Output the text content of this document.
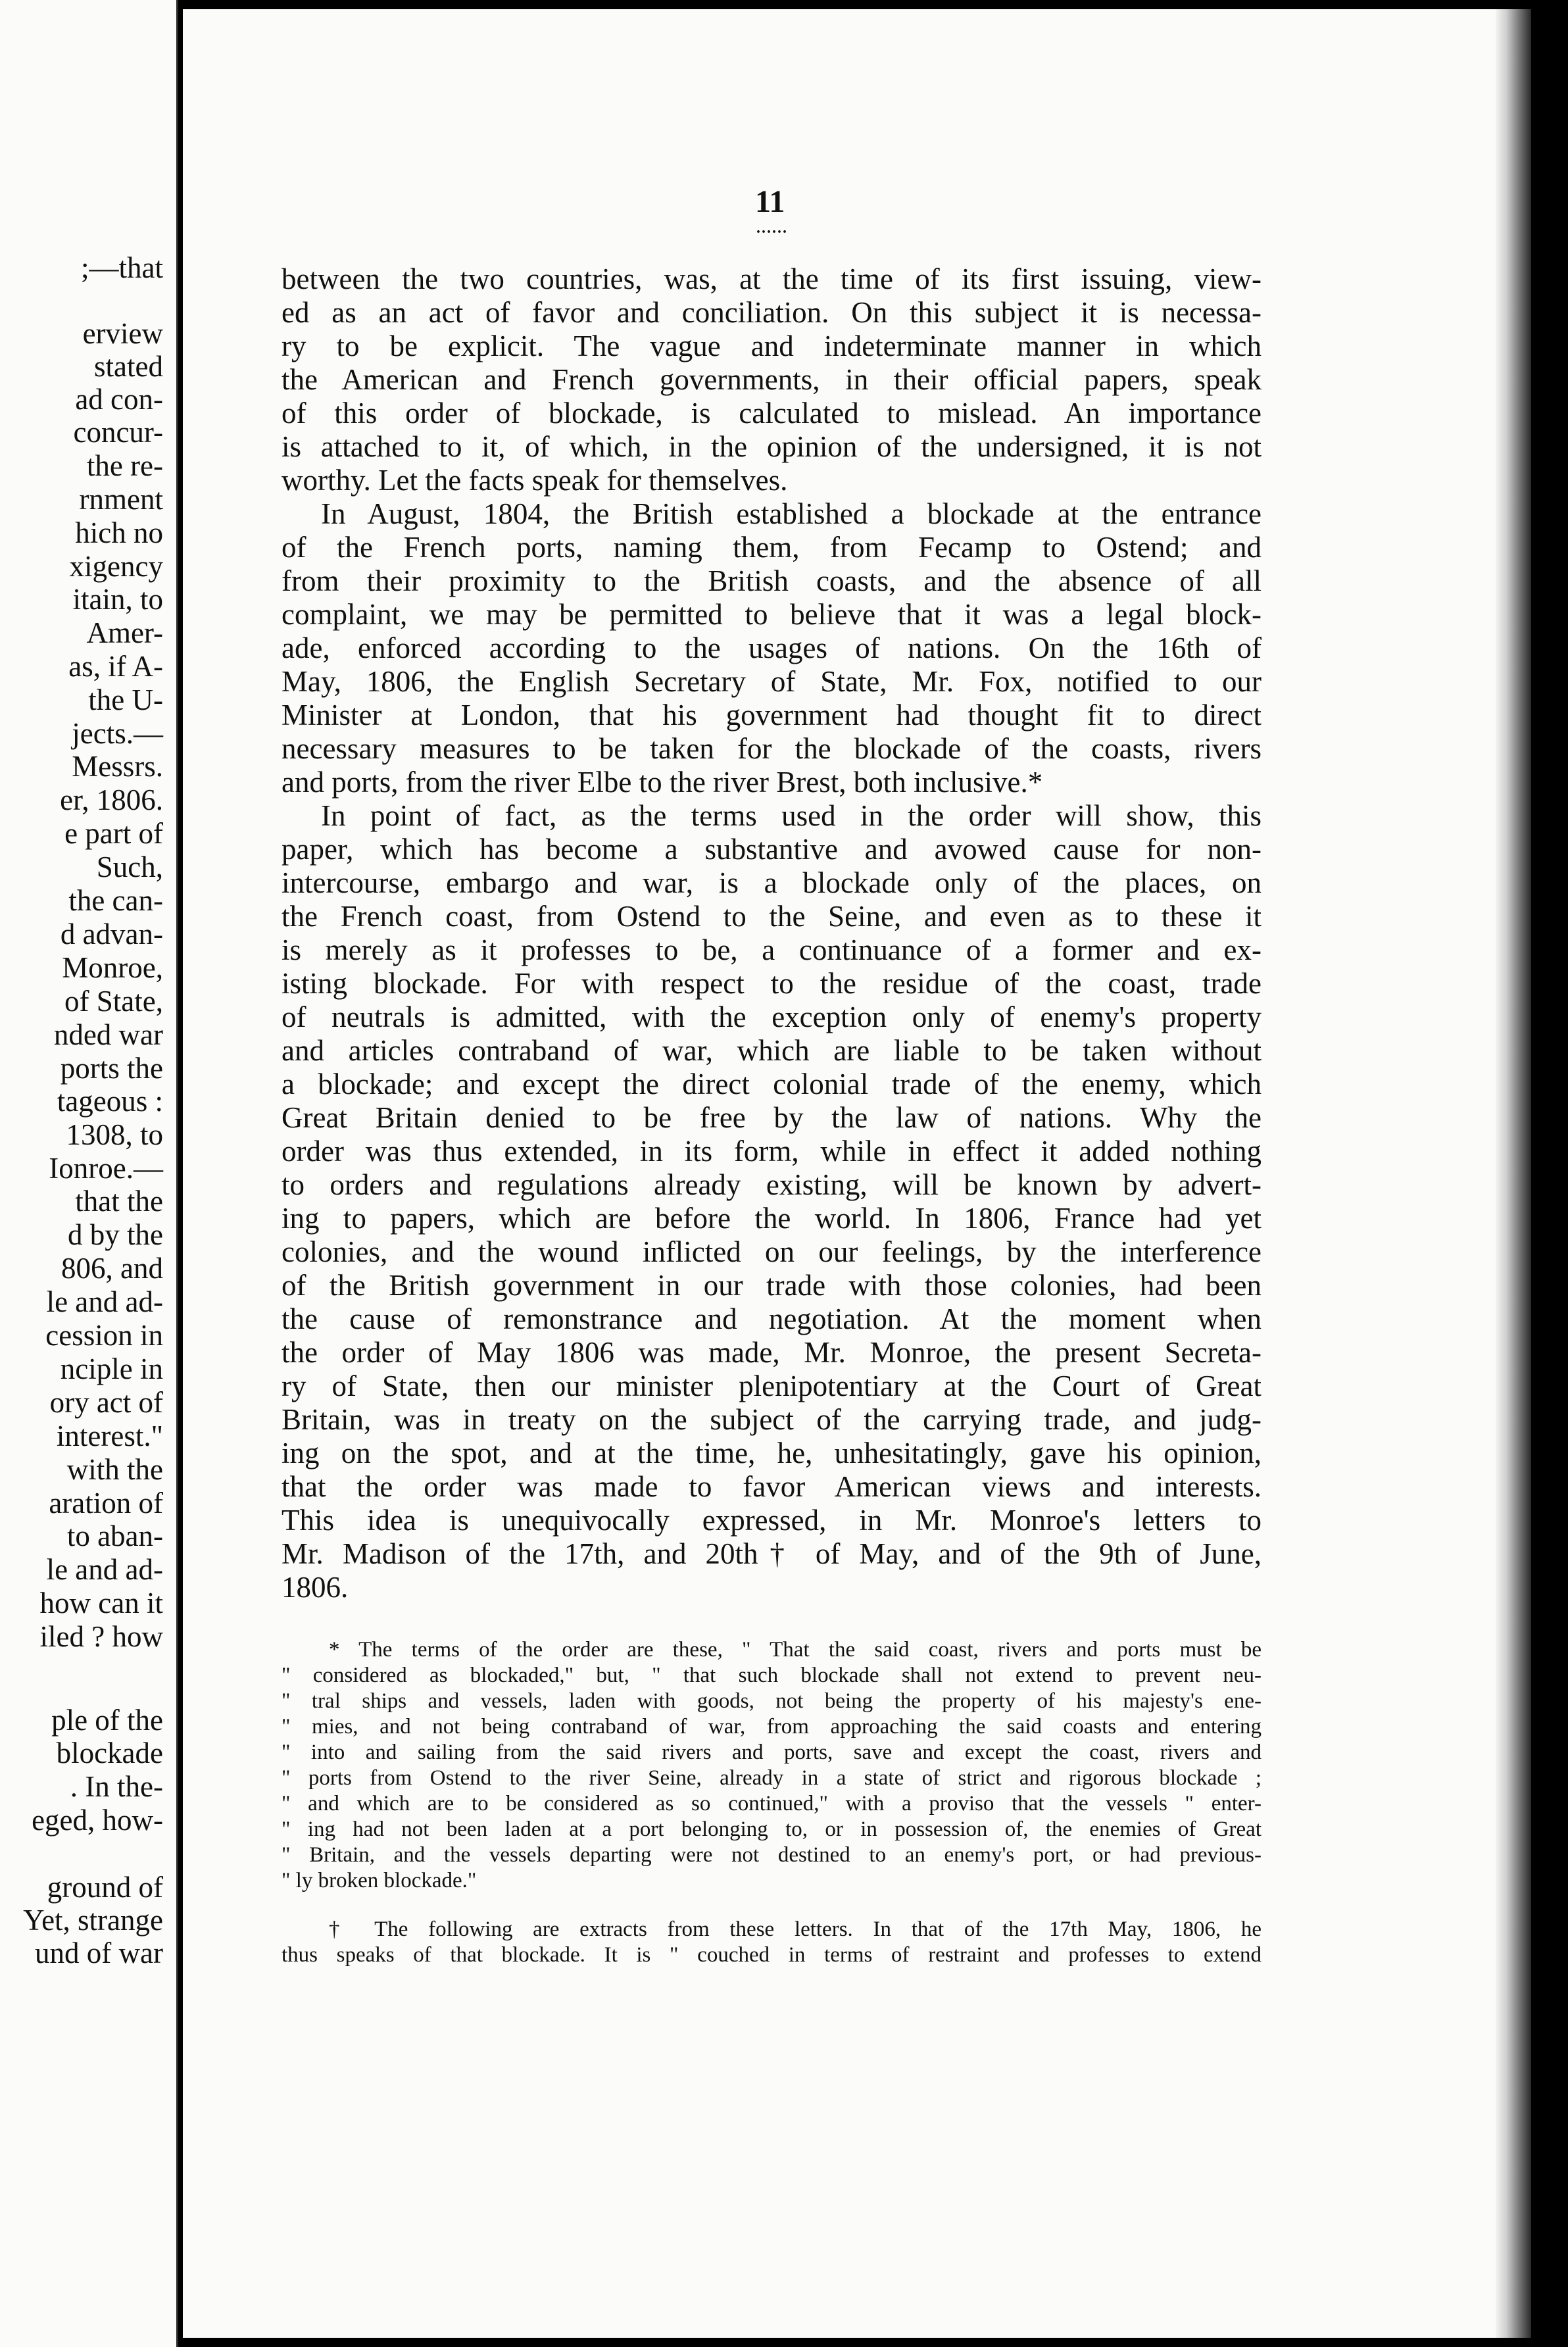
;—that
erview
stated
ad con-
concur-
the re-
rnment
hich no
xigency
itain, to
Amer-
as, if A-
the U-
jects.—
Messrs.
er, 1806.
e part of
Such,
the can-
d advan-
Monroe,
of State,
nded war
ports the
tageous :
1308, to
Ionroe.—
that the
d by the
806, and
le and ad-
cession in
nciple in
ory act of
interest."
with the
aration of
to aban-
le and ad-
how can it
iled ? how
ple of the
blockade
. In the-
eged, how-
ground of
Yet, strange
und of war
11
......
between the two countries, was, at the time of its first issuing, view-
ed as an act of favor and conciliation. On this subject it is necessa-
ry to be explicit. The vague and indeterminate manner in which
the American and French governments, in their official papers, speak
of this order of blockade, is calculated to mislead. An importance
is attached to it, of which, in the opinion of the undersigned, it is not
worthy. Let the facts speak for themselves.
In August, 1804, the British established a blockade at the entrance
of the French ports, naming them, from Fecamp to Ostend; and
from their proximity to the British coasts, and the absence of all
complaint, we may be permitted to believe that it was a legal block-
ade, enforced according to the usages of nations. On the 16th of
May, 1806, the English Secretary of State, Mr. Fox, notified to our
Minister at London, that his government had thought fit to direct
necessary measures to be taken for the blockade of the coasts, rivers
and ports, from the river Elbe to the river Brest, both inclusive.*
In point of fact, as the terms used in the order will show, this
paper, which has become a substantive and avowed cause for non-
intercourse, embargo and war, is a blockade only of the places, on
the French coast, from Ostend to the Seine, and even as to these it
is merely as it professes to be, a continuance of a former and ex-
isting blockade. For with respect to the residue of the coast, trade
of neutrals is admitted, with the exception only of enemy's property
and articles contraband of war, which are liable to be taken without
a blockade; and except the direct colonial trade of the enemy, which
Great Britain denied to be free by the law of nations. Why the
order was thus extended, in its form, while in effect it added nothing
to orders and regulations already existing, will be known by advert-
ing to papers, which are before the world. In 1806, France had yet
colonies, and the wound inflicted on our feelings, by the interference
of the British government in our trade with those colonies, had been
the cause of remonstrance and negotiation. At the moment when
the order of May 1806 was made, Mr. Monroe, the present Secreta-
ry of State, then our minister plenipotentiary at the Court of Great
Britain, was in treaty on the subject of the carrying trade, and judg-
ing on the spot, and at the time, he, unhesitatingly, gave his opinion,
that the order was made to favor American views and interests.
This idea is unequivocally expressed, in Mr. Monroe's letters to
Mr. Madison of the 17th, and 20th† of May, and of the 9th of June,
1806.
* The terms of the order are these, " That the said coast, rivers and ports must be
" considered as blockaded," but, " that such blockade shall not extend to prevent neu-
" tral ships and vessels, laden with goods, not being the property of his majesty's ene-
" mies, and not being contraband of war, from approaching the said coasts and entering
" into and sailing from the said rivers and ports, save and except the coast, rivers and
" ports from Ostend to the river Seine, already in a state of strict and rigorous blockade ;
" and which are to be considered as so continued," with a proviso that the vessels " enter-
" ing had not been laden at a port belonging to, or in possession of, the enemies of Great
" Britain, and the vessels departing were not destined to an enemy's port, or had previous-
" ly broken blockade."
† The following are extracts from these letters. In that of the 17th May, 1806, he
thus speaks of that blockade. It is " couched in terms of restraint and professes to extend
